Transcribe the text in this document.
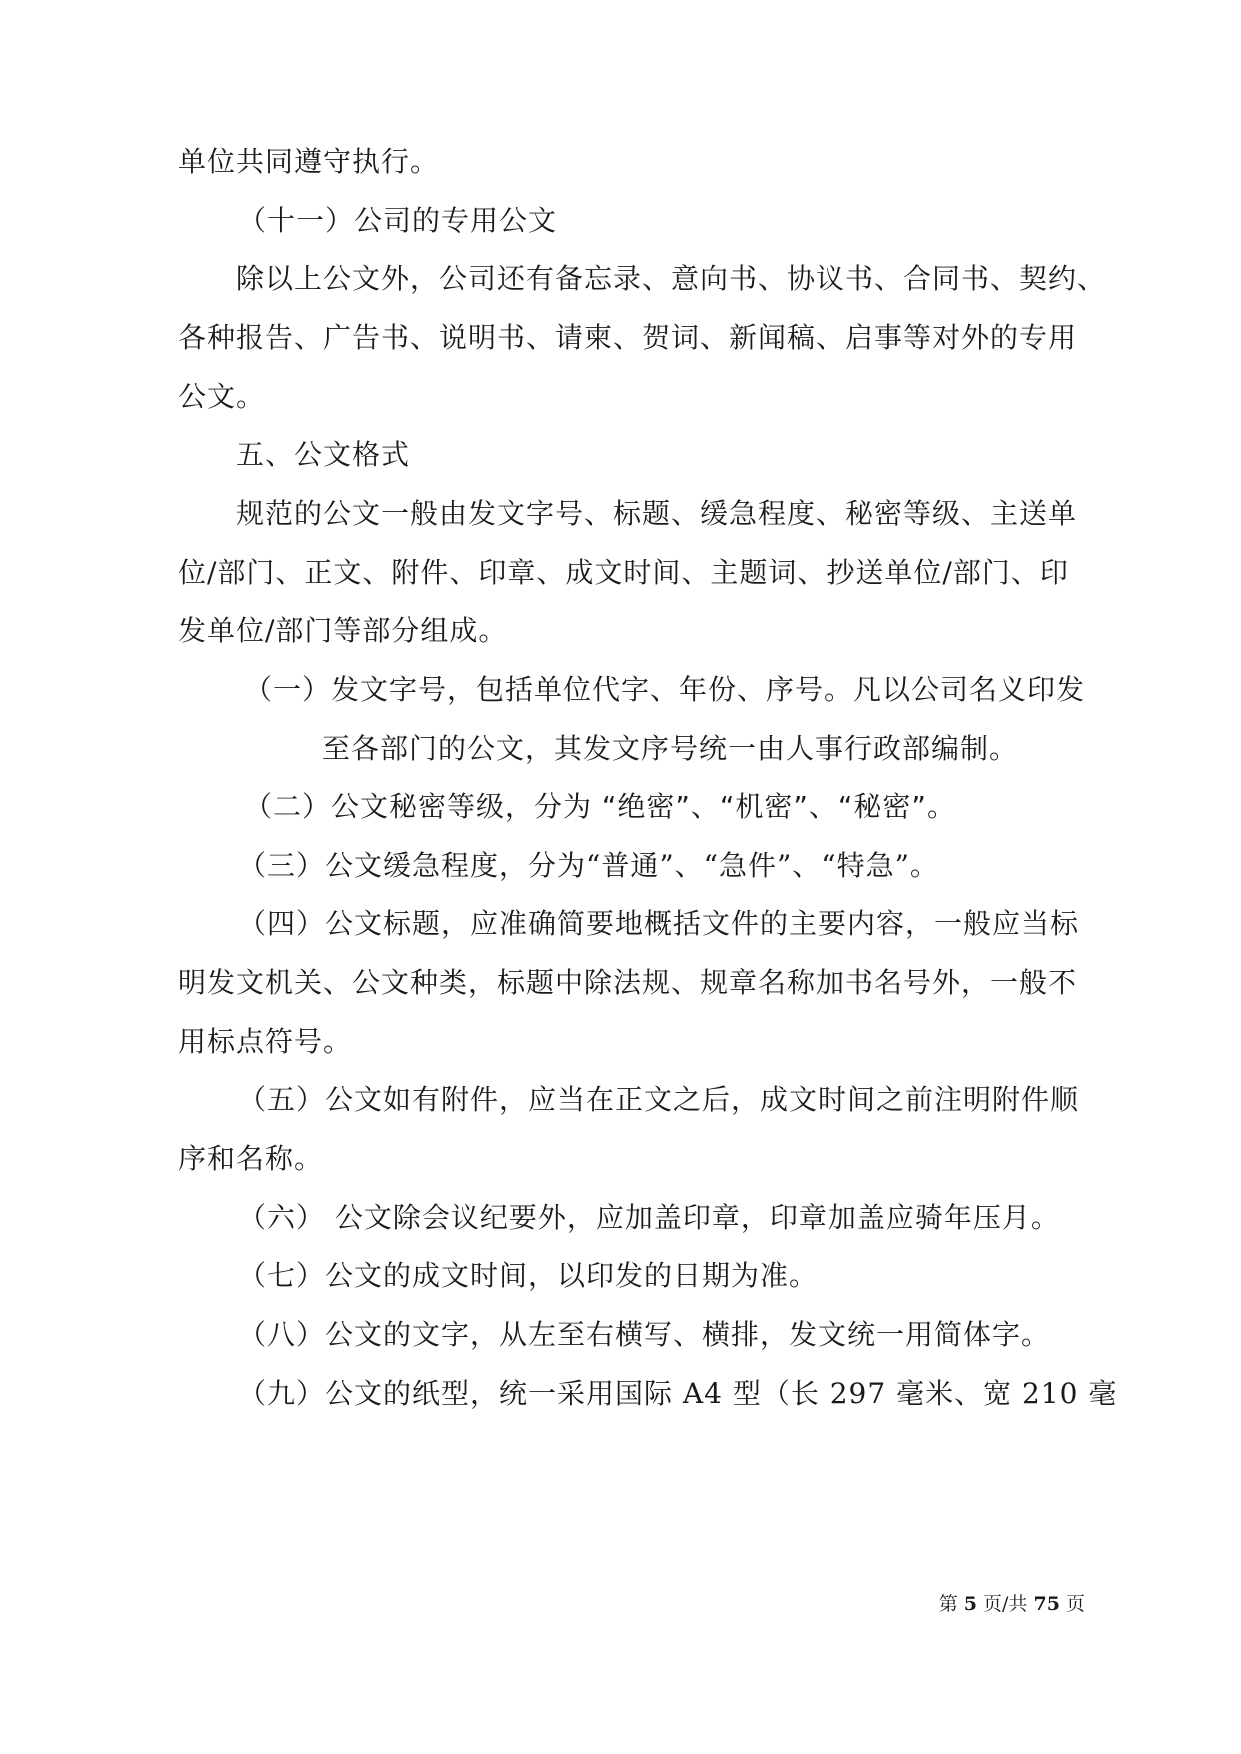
单位共同遵守执行。
（十一）公司的专用公文
除以上公文外，公司还有备忘录、意向书、协议书、合同书、契约、
各种报告、广告书、说明书、请柬、贺词、新闻稿、启事等对外的专用
公文。
五、公文格式
规范的公文一般由发文字号、标题、缓急程度、秘密等级、主送单
位/部门、正文、附件、印章、成文时间、主题词、抄送单位/部门、印
发单位/部门等部分组成。
（一）发文字号，包括单位代字、年份、序号。凡以公司名义印发
至各部门的公文，其发文序号统一由人事行政部编制。
（二）公文秘密等级，分为 “绝密”、“机密”、“秘密”。
（三）公文缓急程度，分为“普通”、“急件”、“特急”。
（四）公文标题，应准确简要地概括文件的主要内容，一般应当标
明发文机关、公文种类，标题中除法规、规章名称加书名号外，一般不
用标点符号。
（五）公文如有附件，应当在正文之后，成文时间之前注明附件顺
序和名称。
（六） 公文除会议纪要外，应加盖印章，印章加盖应骑年压月。
（七）公文的成文时间，以印发的日期为准。
（八）公文的文字，从左至右横写、横排，发文统一用简体字。
（九）公文的纸型，统一采用国际 A4 型（长 297 毫米、宽 210 毫
第 5 页/共 75 页
